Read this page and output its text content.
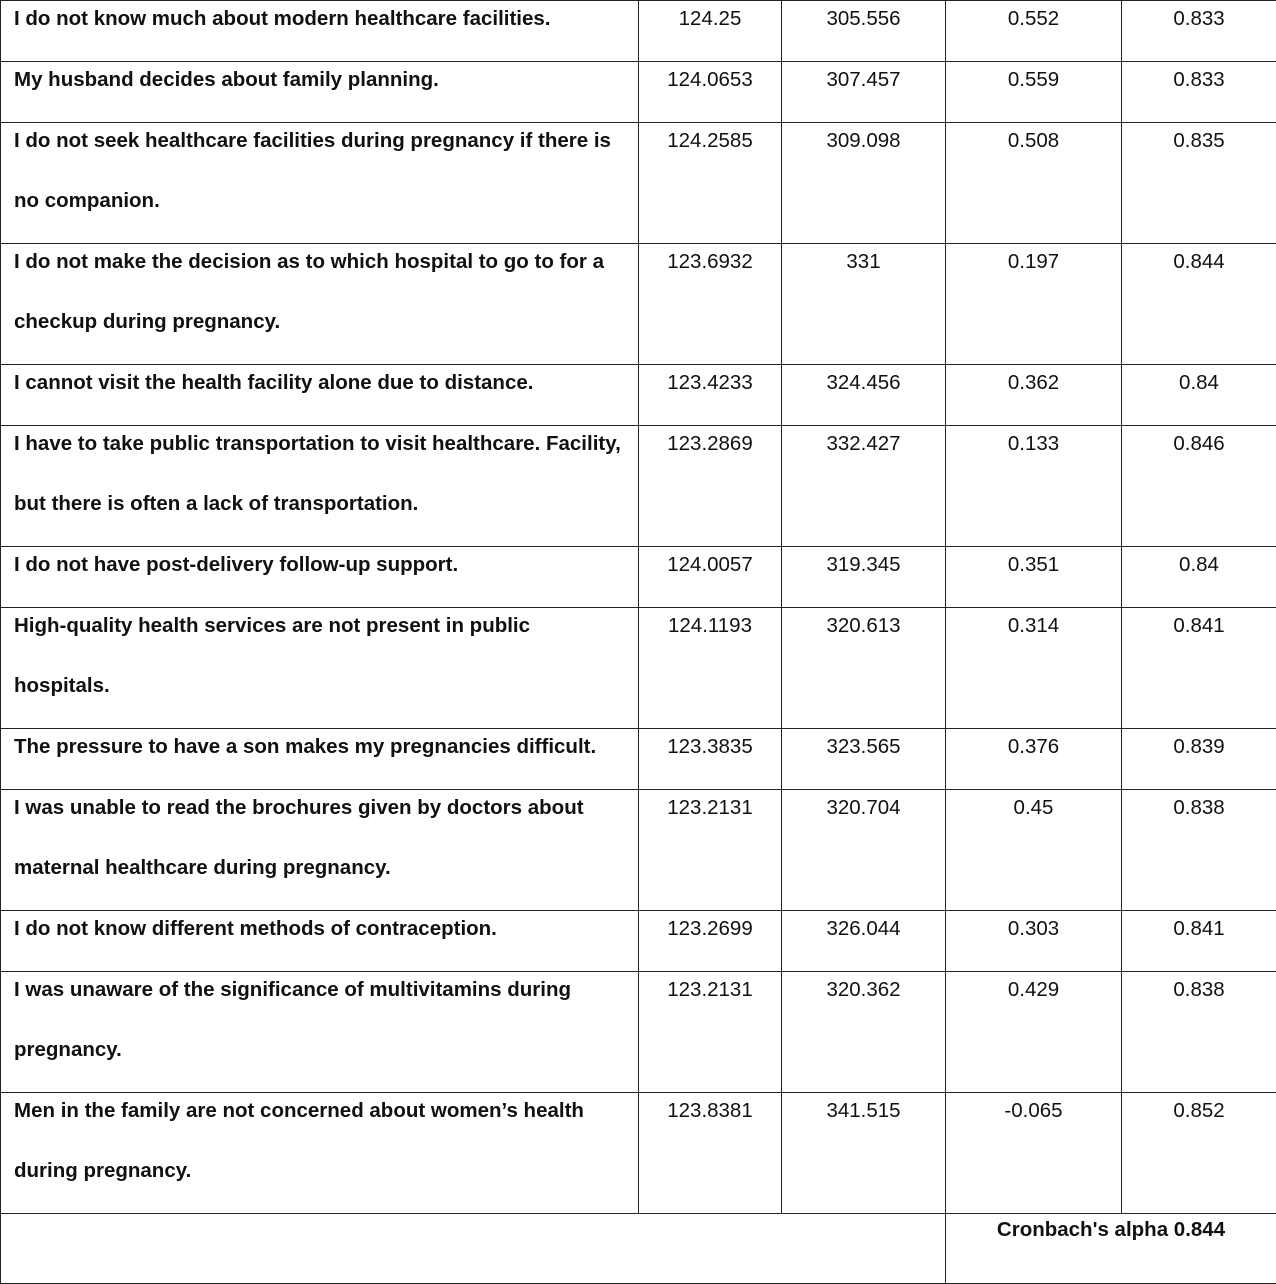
I do not know much about modern healthcare facilities.	124.25	305.556	0.552	0.833

My husband decides about family planning.	124.0653	307.457	0.559	0.833

I do not seek healthcare facilities during pregnancy if there is no companion.	124.2585	309.098	0.508	0.835

I do not make the decision as to which hospital to go to for a checkup during pregnancy.	123.6932	331	0.197	0.844

I cannot visit the health facility alone due to distance.	123.4233	324.456	0.362	0.84

I have to take public transportation to visit healthcare. Facility, but there is often a lack of transportation.	123.2869	332.427	0.133	0.846

I do not have post-delivery follow-up support.	124.0057	319.345	0.351	0.84

High-quality health services are not present in public hospitals.	124.1193	320.613	0.314	0.841

The pressure to have a son makes my pregnancies difficult.	123.3835	323.565	0.376	0.839

I was unable to read the brochures given by doctors about maternal healthcare during pregnancy.	123.2131	320.704	0.45	0.838

I do not know different methods of contraception.	123.2699	326.044	0.303	0.841

I was unaware of the significance of multivitamins during pregnancy.	123.2131	320.362	0.429	0.838

Men in the family are not concerned about women’s health during pregnancy.	123.8381	341.515	-0.065	0.852

			Cronbach's alpha 0.844	
